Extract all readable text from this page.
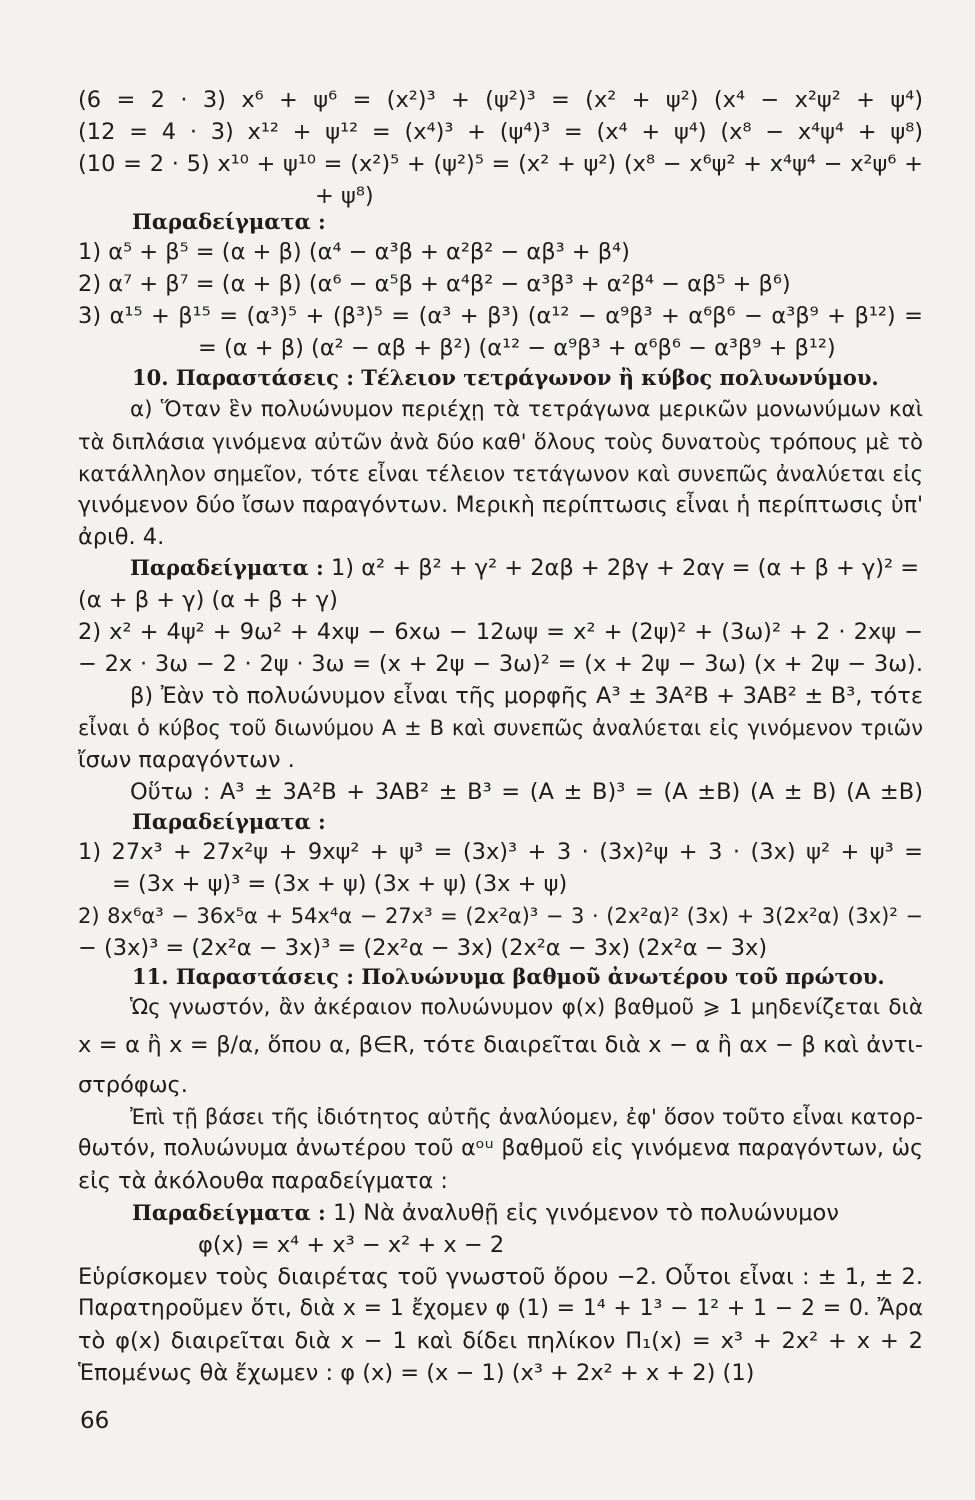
(6 = 2 · 3) x⁶ + ψ⁶ = (x²)³ + (ψ²)³ = (x² + ψ²) (x⁴ − x²ψ² + ψ⁴)

(12 = 4 · 3) x¹² + ψ¹² = (x⁴)³ + (ψ⁴)³ = (x⁴ + ψ⁴) (x⁸ − x⁴ψ⁴ + ψ⁸)

(10 = 2 · 5) x¹⁰ + ψ¹⁰ = (x²)⁵ + (ψ²)⁵ = (x² + ψ²) (x⁸ − x⁶ψ² + x⁴ψ⁴ − x²ψ⁶ +

+ ψ⁸)

Παραδείγματα :

1) α⁵ + β⁵ = (α + β) (α⁴ − α³β + α²β² − αβ³ + β⁴)

2) α⁷ + β⁷ = (α + β) (α⁶ − α⁵β + α⁴β² − α³β³ + α²β⁴ − αβ⁵ + β⁶)

3) α¹⁵ + β¹⁵ = (α³)⁵ + (β³)⁵ = (α³ + β³) (α¹² − α⁹β³ + α⁶β⁶ − α³β⁹ + β¹²) =

= (α + β) (α² − αβ + β²) (α¹² − α⁹β³ + α⁶β⁶ − α³β⁹ + β¹²)

10. Παραστάσεις : Τέλειον τετράγωνον ἢ κύβος πολυωνύμου.

α) Ὅταν ἓν πολυώνυμον περιέχῃ τὰ τετράγωνα μερικῶν μονωνύμων καὶ

τὰ διπλάσια γινόμενα αὐτῶν ἀνὰ δύο καθ' ὅλους τοὺς δυνατοὺς τρόπους μὲ τὸ

κατάλληλον σημεῖον, τότε εἶναι τέλειον τετάγωνον καὶ συνεπῶς ἀναλύεται εἰς

γινόμενον δύο ἴσων παραγόντων. Μερικὴ περίπτωσις εἶναι ἡ περίπτωσις ὑπ'

ἀριθ. 4.

Παραδείγματα : 1) α² + β² + γ² + 2αβ + 2βγ + 2αγ = (α + β + γ)² =

(α + β + γ) (α + β + γ)

2) x² + 4ψ² + 9ω² + 4xψ − 6xω − 12ωψ = x² + (2ψ)² + (3ω)² + 2 · 2xψ −

− 2x · 3ω − 2 · 2ψ · 3ω = (x + 2ψ − 3ω)² = (x + 2ψ − 3ω) (x + 2ψ − 3ω).

β) Ἐὰν τὸ πολυώνυμον εἶναι τῆς μορφῆς A³ ± 3A²B + 3AB² ± B³, τότε

εἶναι ὁ κύβος τοῦ διωνύμου A ± B καὶ συνεπῶς ἀναλύεται εἰς γινόμενον τριῶν

ἴσων παραγόντων .

Οὕτω : A³ ± 3A²B + 3AB² ± B³ = (A ± B)³ = (A ±B) (A ± B) (A ±B)

Παραδείγματα :

1) 27x³ + 27x²ψ + 9xψ² + ψ³ = (3x)³ + 3 · (3x)²ψ + 3 · (3x) ψ² + ψ³ =

= (3x + ψ)³ = (3x + ψ) (3x + ψ) (3x + ψ)

2) 8x⁶α³ − 36x⁵α + 54x⁴α − 27x³ = (2x²α)³ − 3 · (2x²α)² (3x) + 3(2x²α) (3x)² −

− (3x)³ = (2x²α − 3x)³ = (2x²α − 3x) (2x²α − 3x) (2x²α − 3x)

11. Παραστάσεις : Πολυώνυμα βαθμοῦ ἀνωτέρου τοῦ πρώτου.

Ὡς γνωστόν, ἂν ἀκέραιον πολυώνυμον φ(x) βαθμοῦ ⩾ 1 μηδενίζεται διὰ

x = α ἢ x = β/α, ὅπου α, β∈R, τότε διαιρεῖται διὰ x − α ἢ αx − β καὶ ἀντι-

στρόφως.

Ἐπὶ τῇ βάσει τῆς ἰδιότητος αὐτῆς ἀναλύομεν, ἐφ' ὅσον τοῦτο εἶναι κατορ-

θωτόν, πολυώνυμα ἀνωτέρου τοῦ αᵒᵘ βαθμοῦ εἰς γινόμενα παραγόντων, ὡς

εἰς τὰ ἀκόλουθα παραδείγματα :

Παραδείγματα : 1) Νὰ ἀναλυθῇ εἰς γινόμενον τὸ πολυώνυμον

φ(x) = x⁴ + x³ − x² + x − 2

Εὑρίσκομεν τοὺς διαιρέτας τοῦ γνωστοῦ ὅρου −2. Οὗτοι εἶναι : ± 1, ± 2.

Παρατηροῦμεν ὅτι, διὰ x = 1 ἔχομεν φ (1) = 1⁴ + 1³ − 1² + 1 − 2 = 0. Ἄρα

τὸ φ(x) διαιρεῖται διὰ x − 1 καὶ δίδει πηλίκον Π₁(x) = x³ + 2x² + x + 2

Ἑπομένως θὰ ἔχωμεν : φ (x) = (x − 1) (x³ + 2x² + x + 2) (1)

66
